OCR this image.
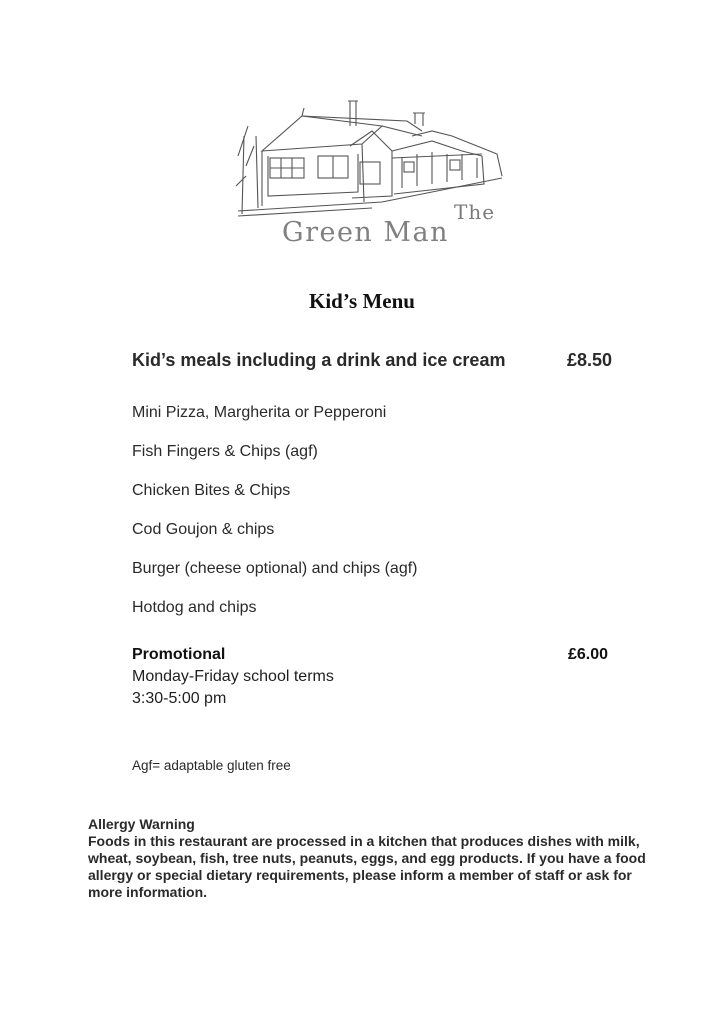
The
Green Man
Kid’s Menu
Kid’s meals including a drink and ice cream	£8.50
Mini Pizza, Margherita or Pepperoni
Fish Fingers & Chips (agf)
Chicken Bites & Chips
Cod Goujon & chips
Burger (cheese optional) and chips (agf)
Hotdog and chips
Promotional	£6.00
Monday-Friday school terms
3:30-5:00 pm
Agf= adaptable gluten free
Allergy Warning
Foods in this restaurant are processed in a kitchen that produces dishes with milk, wheat, soybean, fish, tree nuts, peanuts, eggs, and egg products. If you have a food allergy or special dietary requirements, please inform a member of staff or ask for more information.
